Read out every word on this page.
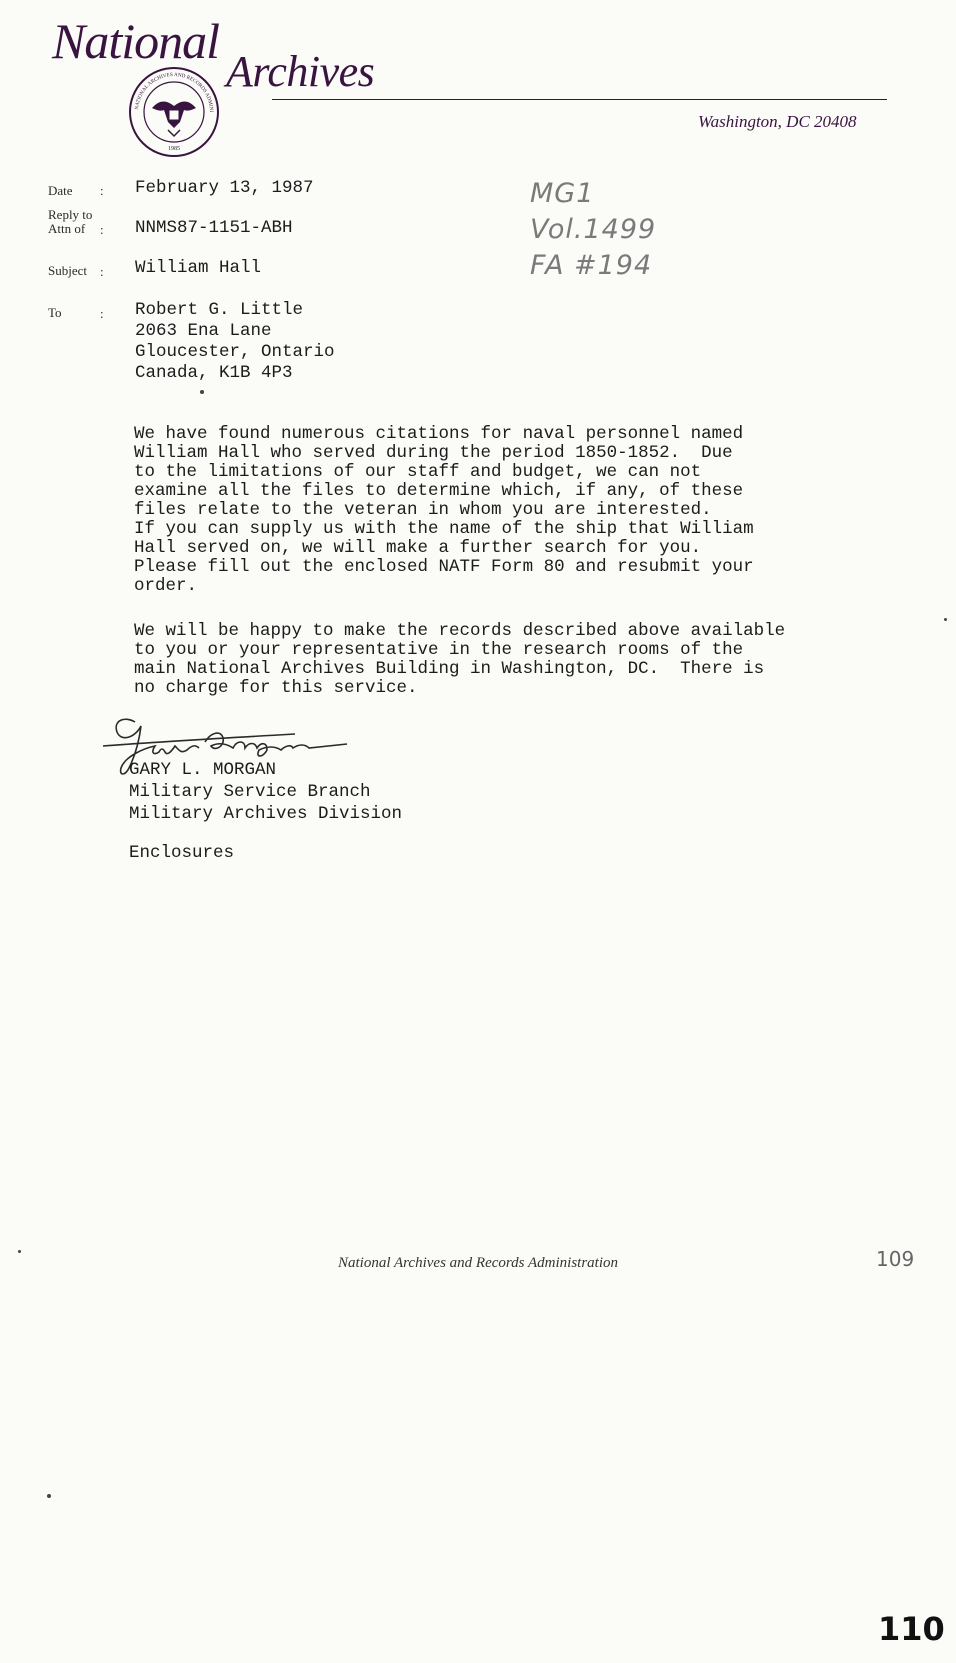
National
Archives
Washington, DC 20408
1985
NATIONAL ARCHIVES AND RECORDS ADMINI
Date : February 13, 1987
Reply to
Attn of : NNMS87-1151-ABH
Subject : William Hall
To	: Robert G. Little
2063 Ena Lane
Gloucester, Ontario
Canada, K1B 4P3
MG1
Vol.1499
FA #194
We have found numerous citations for naval personnel named
William Hall who served during the period 1850-1852.  Due
to the limitations of our staff and budget, we can not
examine all the files to determine which, if any, of these
files relate to the veteran in whom you are interested.
If you can supply us with the name of the ship that William
Hall served on, we will make a further search for you.
Please fill out the enclosed NATF Form 80 and resubmit your
order.
We will be happy to make the records described above available
to you or your representative in the research rooms of the
main National Archives Building in Washington, DC.  There is
no charge for this service.
GARY L. MORGAN
Military Service Branch
Military Archives Division
Enclosures
National Archives and Records Administration	109
110
